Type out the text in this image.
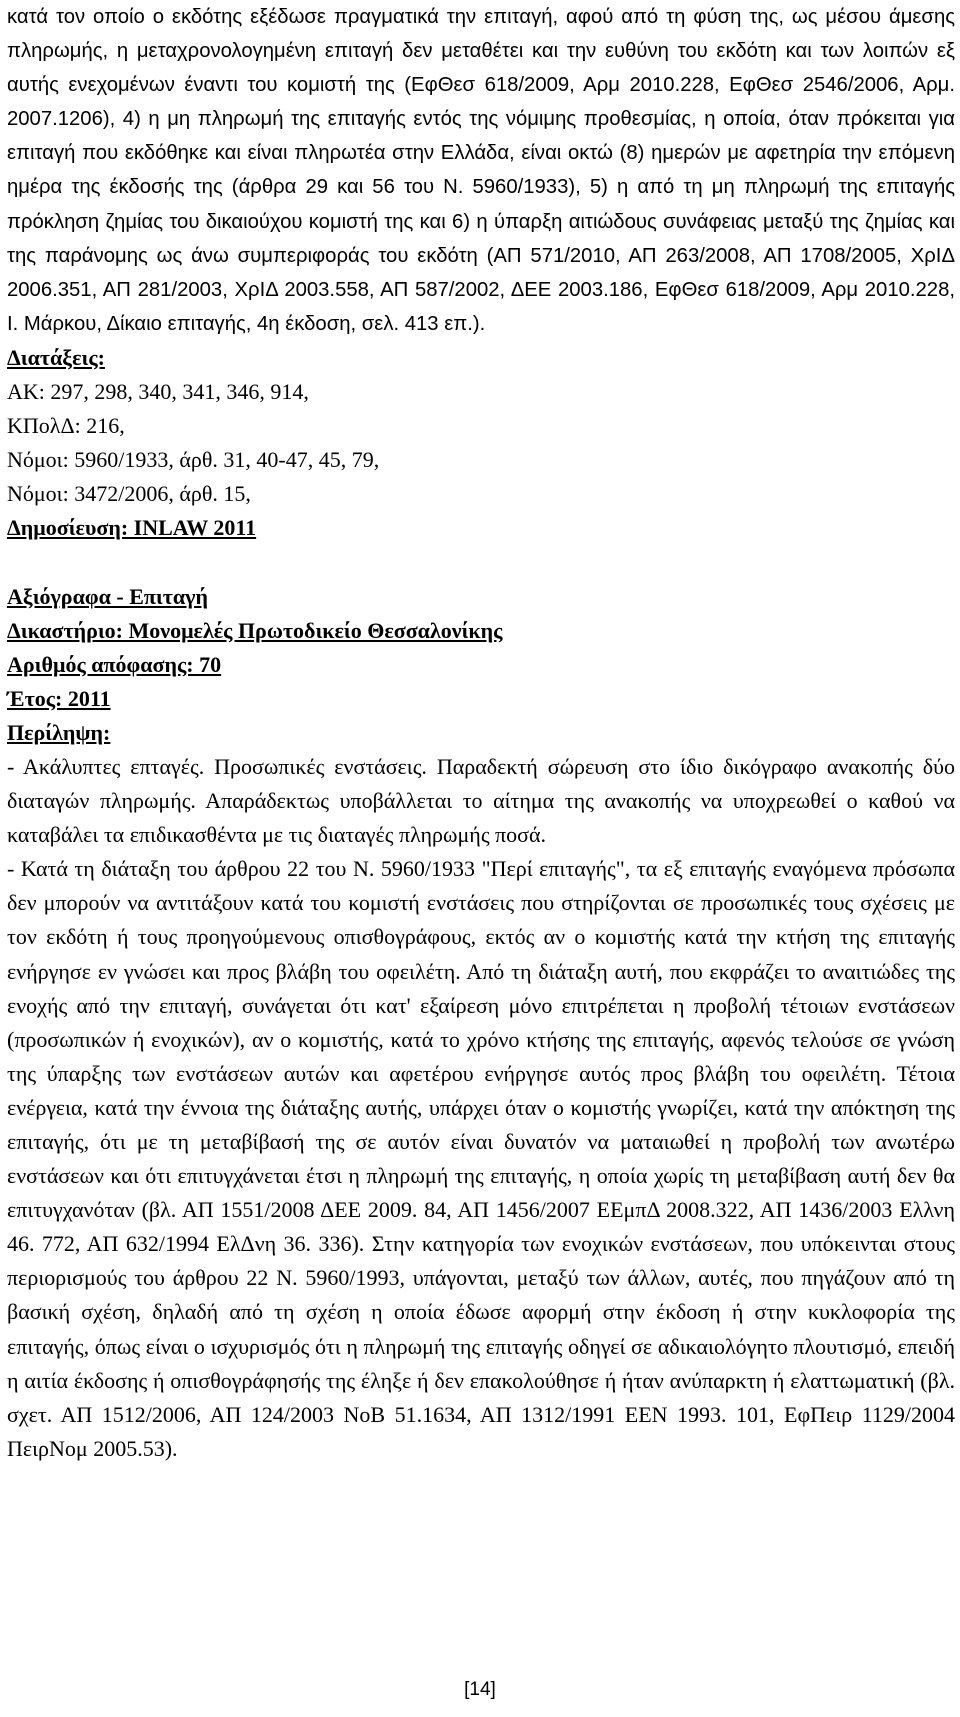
κατά τον οποίο ο εκδότης εξέδωσε πραγματικά την επιταγή, αφού από τη φύση της, ως μέσου άμεσης πληρωμής, η μεταχρονολογημένη επιταγή δεν μεταθέτει και την ευθύνη του εκδότη και των λοιπών εξ αυτής ενεχομένων έναντι του κομιστή της (ΕφΘεσ 618/2009, Αρμ 2010.228, ΕφΘεσ 2546/2006, Αρμ. 2007.1206), 4) η μη πληρωμή της επιταγής εντός της νόμιμης προθεσμίας, η οποία, όταν πρόκειται για επιταγή που εκδόθηκε και είναι πληρωτέα στην Ελλάδα, είναι οκτώ (8) ημερών με αφετηρία την επόμενη ημέρα της έκδοσής της (άρθρα 29 και 56 του Ν. 5960/1933), 5) η από τη μη πληρωμή της επιταγής πρόκληση ζημίας του δικαιούχου κομιστή της και 6) η ύπαρξη αιτιώδους συνάφειας μεταξύ της ζημίας και της παράνομης ως άνω συμπεριφοράς του εκδότη (ΑΠ 571/2010, ΑΠ 263/2008, ΑΠ 1708/2005, ΧρΙΔ 2006.351, ΑΠ 281/2003, ΧρΙΔ 2003.558, ΑΠ 587/2002, ΔΕΕ 2003.186, ΕφΘεσ 618/2009, Αρμ 2010.228, Ι. Μάρκου, Δίκαιο επιταγής, 4η έκδοση, σελ. 413 επ.).

Διατάξεις:

ΑΚ: 297, 298, 340, 341, 346, 914,

ΚΠολΔ: 216,

Νόμοι: 5960/1933, άρθ. 31, 40-47, 45, 79,

Νόμοι: 3472/2006, άρθ. 15,

Δημοσίευση: INLAW 2011

Αξιόγραφα - Επιταγή

Δικαστήριο: Μονομελές Πρωτοδικείο Θεσσαλονίκης

Αριθμός απόφασης: 70

Έτος: 2011

Περίληψη:

- Ακάλυπτες επταγές. Προσωπικές ενστάσεις. Παραδεκτή σώρευση στο ίδιο δικόγραφο ανακοπής δύο διαταγών πληρωμής. Απαράδεκτως υποβάλλεται το αίτημα της ανακοπής να υποχρεωθεί ο καθού να καταβάλει τα επιδικασθέντα με τις διαταγές πληρωμής ποσά.

- Κατά τη διάταξη του άρθρου 22 του Ν. 5960/1933 "Περί επιταγής", τα εξ επιταγής εναγόμενα πρόσωπα δεν μπορούν να αντιτάξουν κατά του κομιστή ενστάσεις που στηρίζονται σε προσωπικές τους σχέσεις με τον εκδότη ή τους προηγούμενους οπισθογράφους, εκτός αν ο κομιστής κατά την κτήση της επιταγής ενήργησε εν γνώσει και προς βλάβη του οφειλέτη. Από τη διάταξη αυτή, που εκφράζει το αναιτιώδες της ενοχής από την επιταγή, συνάγεται ότι κατ' εξαίρεση μόνο επιτρέπεται η προβολή τέτοιων ενστάσεων (προσωπικών ή ενοχικών), αν ο κομιστής, κατά το χρόνο κτήσης της επιταγής, αφενός τελούσε σε γνώση της ύπαρξης των ενστάσεων αυτών και αφετέρου ενήργησε αυτός προς βλάβη του οφειλέτη. Τέτοια ενέργεια, κατά την έννοια της διάταξης αυτής, υπάρχει όταν ο κομιστής γνωρίζει, κατά την απόκτηση της επιταγής, ότι με τη μεταβίβασή της σε αυτόν είναι δυνατόν να ματαιωθεί η προβολή των ανωτέρω ενστάσεων και ότι επιτυγχάνεται έτσι η πληρωμή της επιταγής, η οποία χωρίς τη μεταβίβαση αυτή δεν θα επιτυγχανόταν (βλ. ΑΠ 1551/2008 ΔΕΕ 2009. 84, ΑΠ 1456/2007 ΕΕμπΔ 2008.322, ΑΠ 1436/2003 Ελλνη 46. 772, ΑΠ 632/1994 ΕλΔνη 36. 336). Στην κατηγορία των ενοχικών ενστάσεων, που υπόκεινται στους περιορισμούς του άρθρου 22 Ν. 5960/1993, υπάγονται, μεταξύ των άλλων, αυτές, που πηγάζουν από τη βασική σχέση, δηλαδή από τη σχέση η οποία έδωσε αφορμή στην έκδοση ή στην κυκλοφορία της επιταγής, όπως είναι ο ισχυρισμός ότι η πληρωμή της επιταγής οδηγεί σε αδικαιολόγητο πλουτισμό, επειδή η αιτία έκδοσης ή οπισθογράφησής της έληξε ή δεν επακολούθησε ή ήταν ανύπαρκτη ή ελαττωματική (βλ. σχετ. ΑΠ 1512/2006, ΑΠ 124/2003 ΝοΒ 51.1634, ΑΠ 1312/1991 ΕΕΝ 1993. 101, ΕφΠειρ 1129/2004 ΠειρΝομ 2005.53).

[14]
